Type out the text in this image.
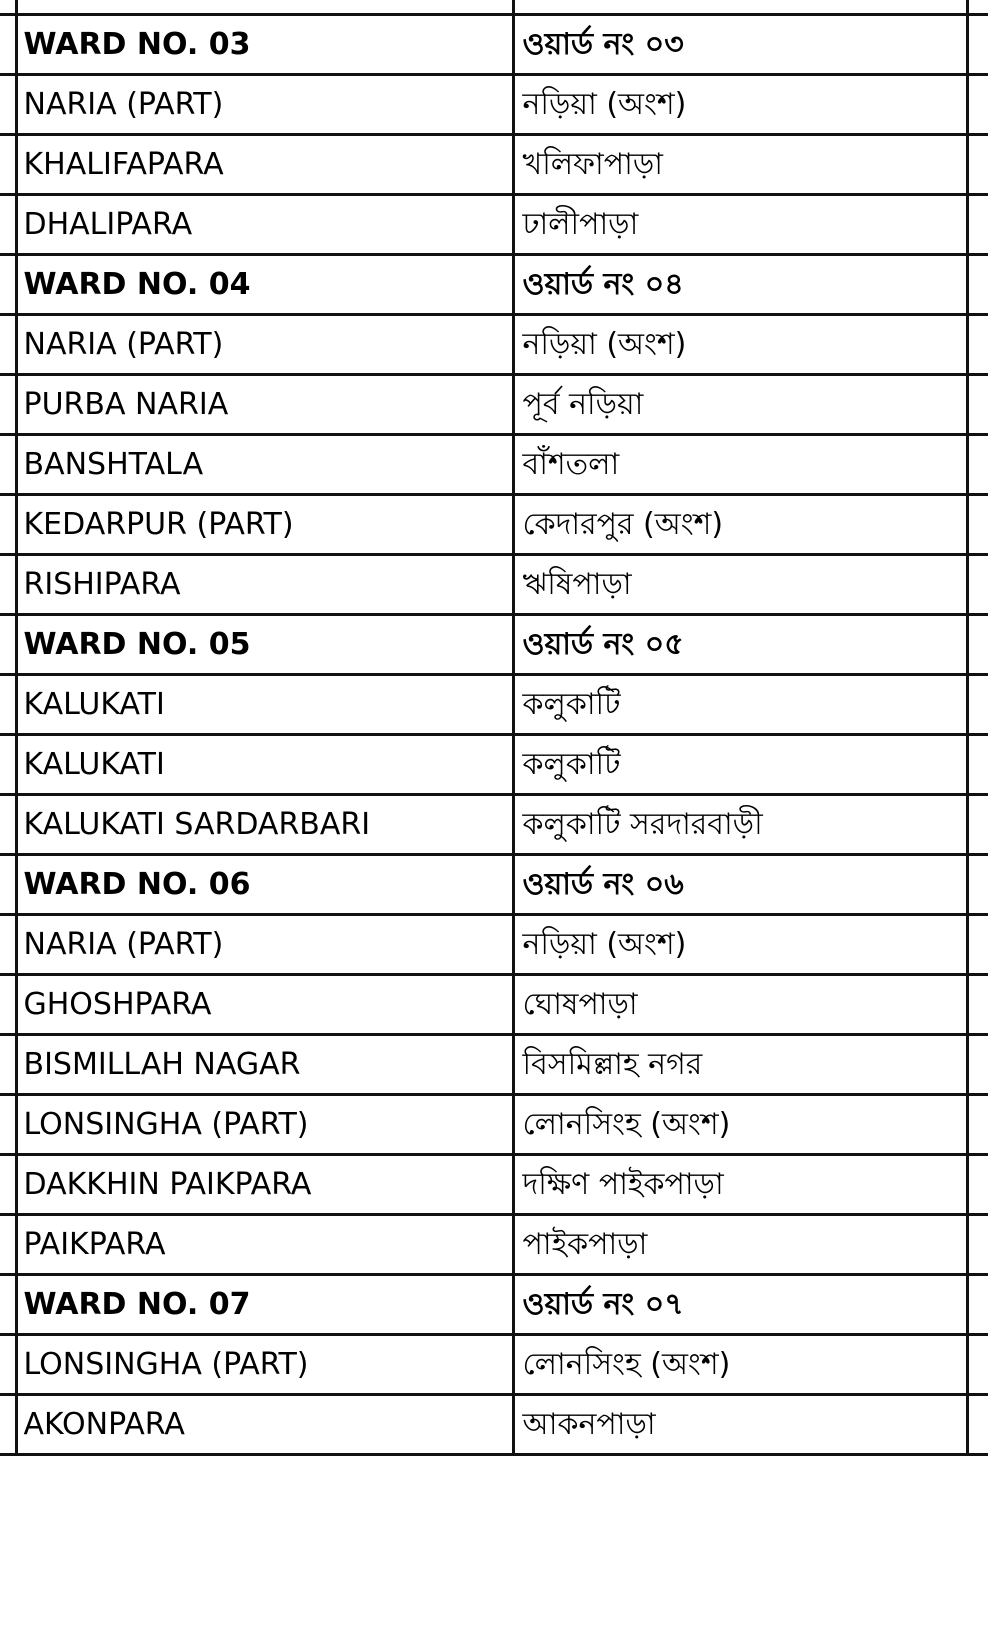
	WARD NO. 03	ওয়ার্ড নং ০৩	
	NARIA (PART)	নড়িয়া (অংশ)	
	KHALIFAPARA	খলিফাপাড়া	
	DHALIPARA	ঢালীপাড়া	
	WARD NO. 04	ওয়ার্ড নং ০৪	
	NARIA (PART)	নড়িয়া (অংশ)	
	PURBA NARIA	পূর্ব নড়িয়া	
	BANSHTALA	বাঁশতলা	
	KEDARPUR (PART)	কেদারপুর (অংশ)	
	RISHIPARA	ঋষিপাড়া	
	WARD NO. 05	ওয়ার্ড নং ০৫	
	KALUKATI	কলুকাটি	
	KALUKATI	কলুকাটি	
	KALUKATI SARDARBARI	কলুকাটি সরদারবাড়ী	
	WARD NO. 06	ওয়ার্ড নং ০৬	
	NARIA (PART)	নড়িয়া (অংশ)	
	GHOSHPARA	ঘোষপাড়া	
	BISMILLAH NAGAR	বিসমিল্লাহ নগর	
	LONSINGHA (PART)	লোনসিংহ (অংশ)	
	DAKKHIN PAIKPARA	দক্ষিণ পাইকপাড়া	
	PAIKPARA	পাইকপাড়া	
	WARD NO. 07	ওয়ার্ড নং ০৭	
	LONSINGHA (PART)	লোনসিংহ (অংশ)	
	AKONPARA	আকনপাড়া	
